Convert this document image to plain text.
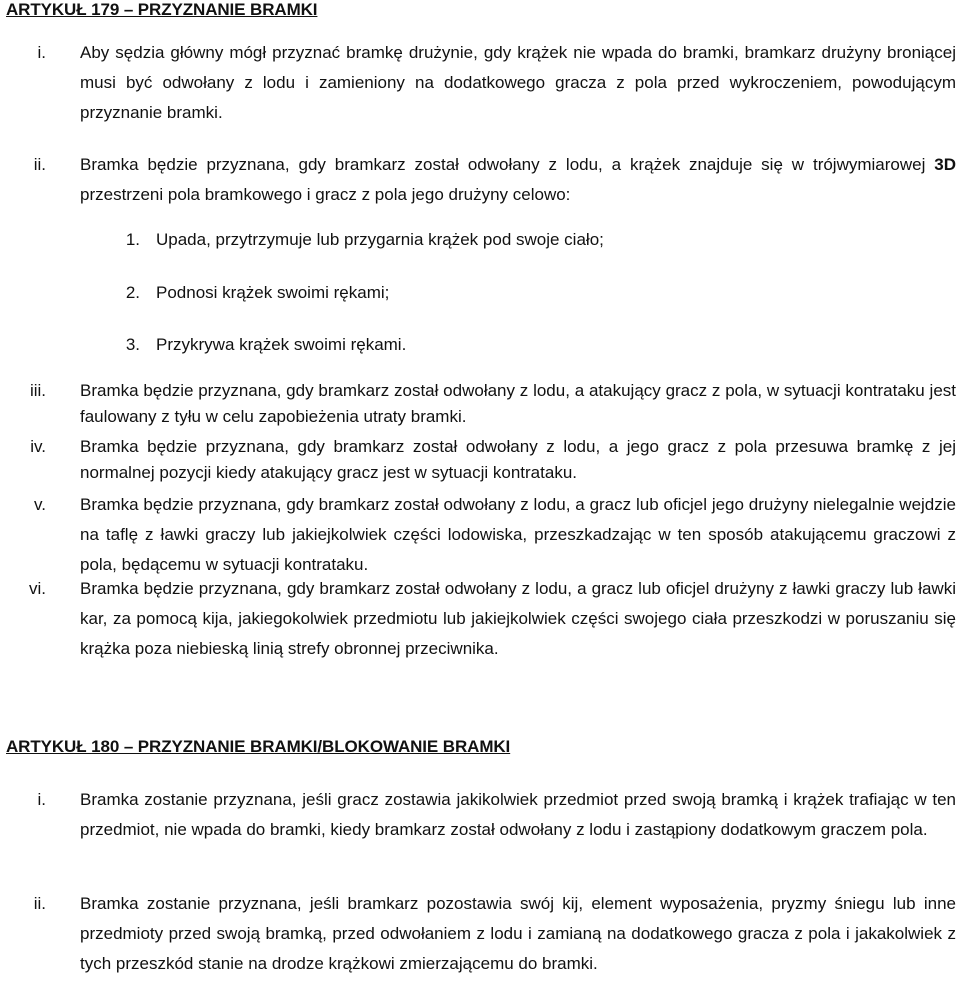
ARTYKUŁ 179 – PRZYZNANIE BRAMKI
i. Aby sędzia główny mógł przyznać bramkę drużynie, gdy krążek nie wpada do bramki, bramkarz drużyny broniącej musi być odwołany z lodu i zamieniony na dodatkowego gracza z pola przed wykroczeniem, powodującym przyznanie bramki.
ii. Bramka będzie przyznana, gdy bramkarz został odwołany z lodu, a krążek znajduje się w trójwymiarowej 3D przestrzeni pola bramkowego i gracz z pola jego drużyny celowo:
1. Upada, przytrzymuje lub przygarnia krążek pod swoje ciało;
2. Podnosi krążek swoimi rękami;
3. Przykrywa krążek swoimi rękami.
iii. Bramka będzie przyznana, gdy bramkarz został odwołany z lodu, a atakujący gracz z pola, w sytuacji kontrataku jest faulowany z tyłu w celu zapobieżenia utraty bramki.
iv. Bramka będzie przyznana, gdy bramkarz został odwołany z lodu, a jego gracz z pola przesuwa bramkę z jej normalnej pozycji kiedy atakujący gracz jest w sytuacji kontrataku.
v. Bramka będzie przyznana, gdy bramkarz został odwołany z lodu, a gracz lub oficjel jego drużyny nielegalnie wejdzie na taflę z ławki graczy lub jakiejkolwiek części lodowiska, przeszkadzając w ten sposób atakującemu graczowi z pola, będącemu w sytuacji kontrataku.
vi. Bramka będzie przyznana, gdy bramkarz został odwołany z lodu, a gracz lub oficjel drużyny z ławki graczy lub ławki kar, za pomocą kija, jakiegokolwiek przedmiotu lub jakiejkolwiek części swojego ciała przeszkodzi w poruszaniu się krążka poza niebieską linią strefy obronnej przeciwnika.
ARTYKUŁ 180 – PRZYZNANIE BRAMKI/BLOKOWANIE BRAMKI
i. Bramka zostanie przyznana, jeśli gracz zostawia jakikolwiek przedmiot przed swoją bramką i krążek trafiając w ten przedmiot, nie wpada do bramki, kiedy bramkarz został odwołany z lodu i zastąpiony dodatkowym graczem pola.
ii. Bramka zostanie przyznana, jeśli bramkarz pozostawia swój kij, element wyposażenia, pryzmy śniegu lub inne przedmioty przed swoją bramką, przed odwołaniem z lodu i zamianą na dodatkowego gracza z pola i jakakolwiek z tych przeszkód stanie na drodze krążkowi zmierzającemu do bramki.
